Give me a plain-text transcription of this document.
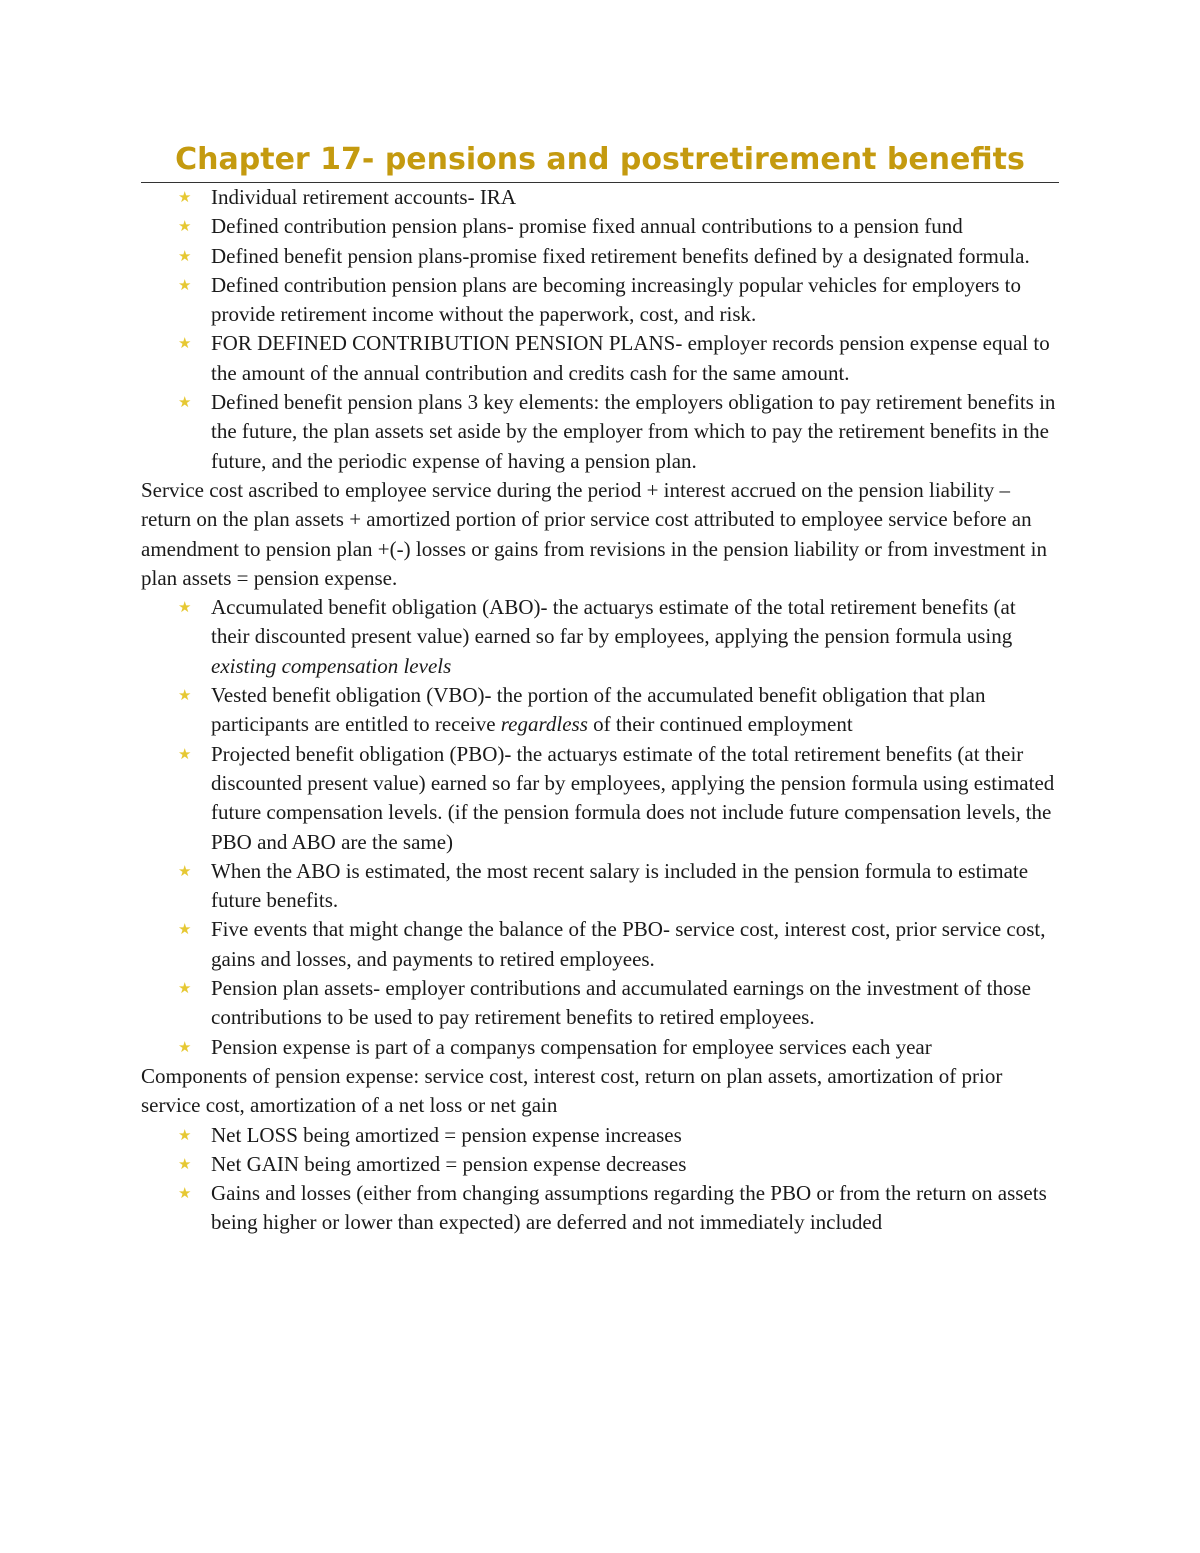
Chapter 17- pensions and postretirement benefits
★ Individual retirement accounts- IRA
★ Defined contribution pension plans- promise fixed annual contributions to a pension fund
★ Defined benefit pension plans-promise fixed retirement benefits defined by a designated formula.
★ Defined contribution pension plans are becoming increasingly popular vehicles for employers to provide retirement income without the paperwork, cost, and risk.
★ FOR DEFINED CONTRIBUTION PENSION PLANS- employer records pension expense equal to the amount of the annual contribution and credits cash for the same amount.
★ Defined benefit pension plans 3 key elements: the employers obligation to pay retirement benefits in the future, the plan assets set aside by the employer from which to pay the retirement benefits in the future, and the periodic expense of having a pension plan.

Service cost ascribed to employee service during the period + interest accrued on the pension liability – return on the plan assets + amortized portion of prior service cost attributed to employee service before an amendment to pension plan +(-) losses or gains from revisions in the pension liability or from investment in plan assets = pension expense.

★ Accumulated benefit obligation (ABO)- the actuarys estimate of the total retirement benefits (at their discounted present value) earned so far by employees, applying the pension formula using existing compensation levels
★ Vested benefit obligation (VBO)- the portion of the accumulated benefit obligation that plan participants are entitled to receive regardless of their continued employment
★ Projected benefit obligation (PBO)- the actuarys estimate of the total retirement benefits (at their discounted present value) earned so far by employees, applying the pension formula using estimated future compensation levels. (if the pension formula does not include future compensation levels, the PBO and ABO are the same)
★ When the ABO is estimated, the most recent salary is included in the pension formula to estimate future benefits.
★ Five events that might change the balance of the PBO- service cost, interest cost, prior service cost, gains and losses, and payments to retired employees.
★ Pension plan assets- employer contributions and accumulated earnings on the investment of those contributions to be used to pay retirement benefits to retired employees.
★ Pension expense is part of a companys compensation for employee services each year

Components of pension expense: service cost, interest cost, return on plan assets, amortization of prior service cost, amortization of a net loss or net gain

★ Net LOSS being amortized = pension expense increases
★ Net GAIN being amortized = pension expense decreases
★ Gains and losses (either from changing assumptions regarding the PBO or from the return on assets being higher or lower than expected) are deferred and not immediately included
